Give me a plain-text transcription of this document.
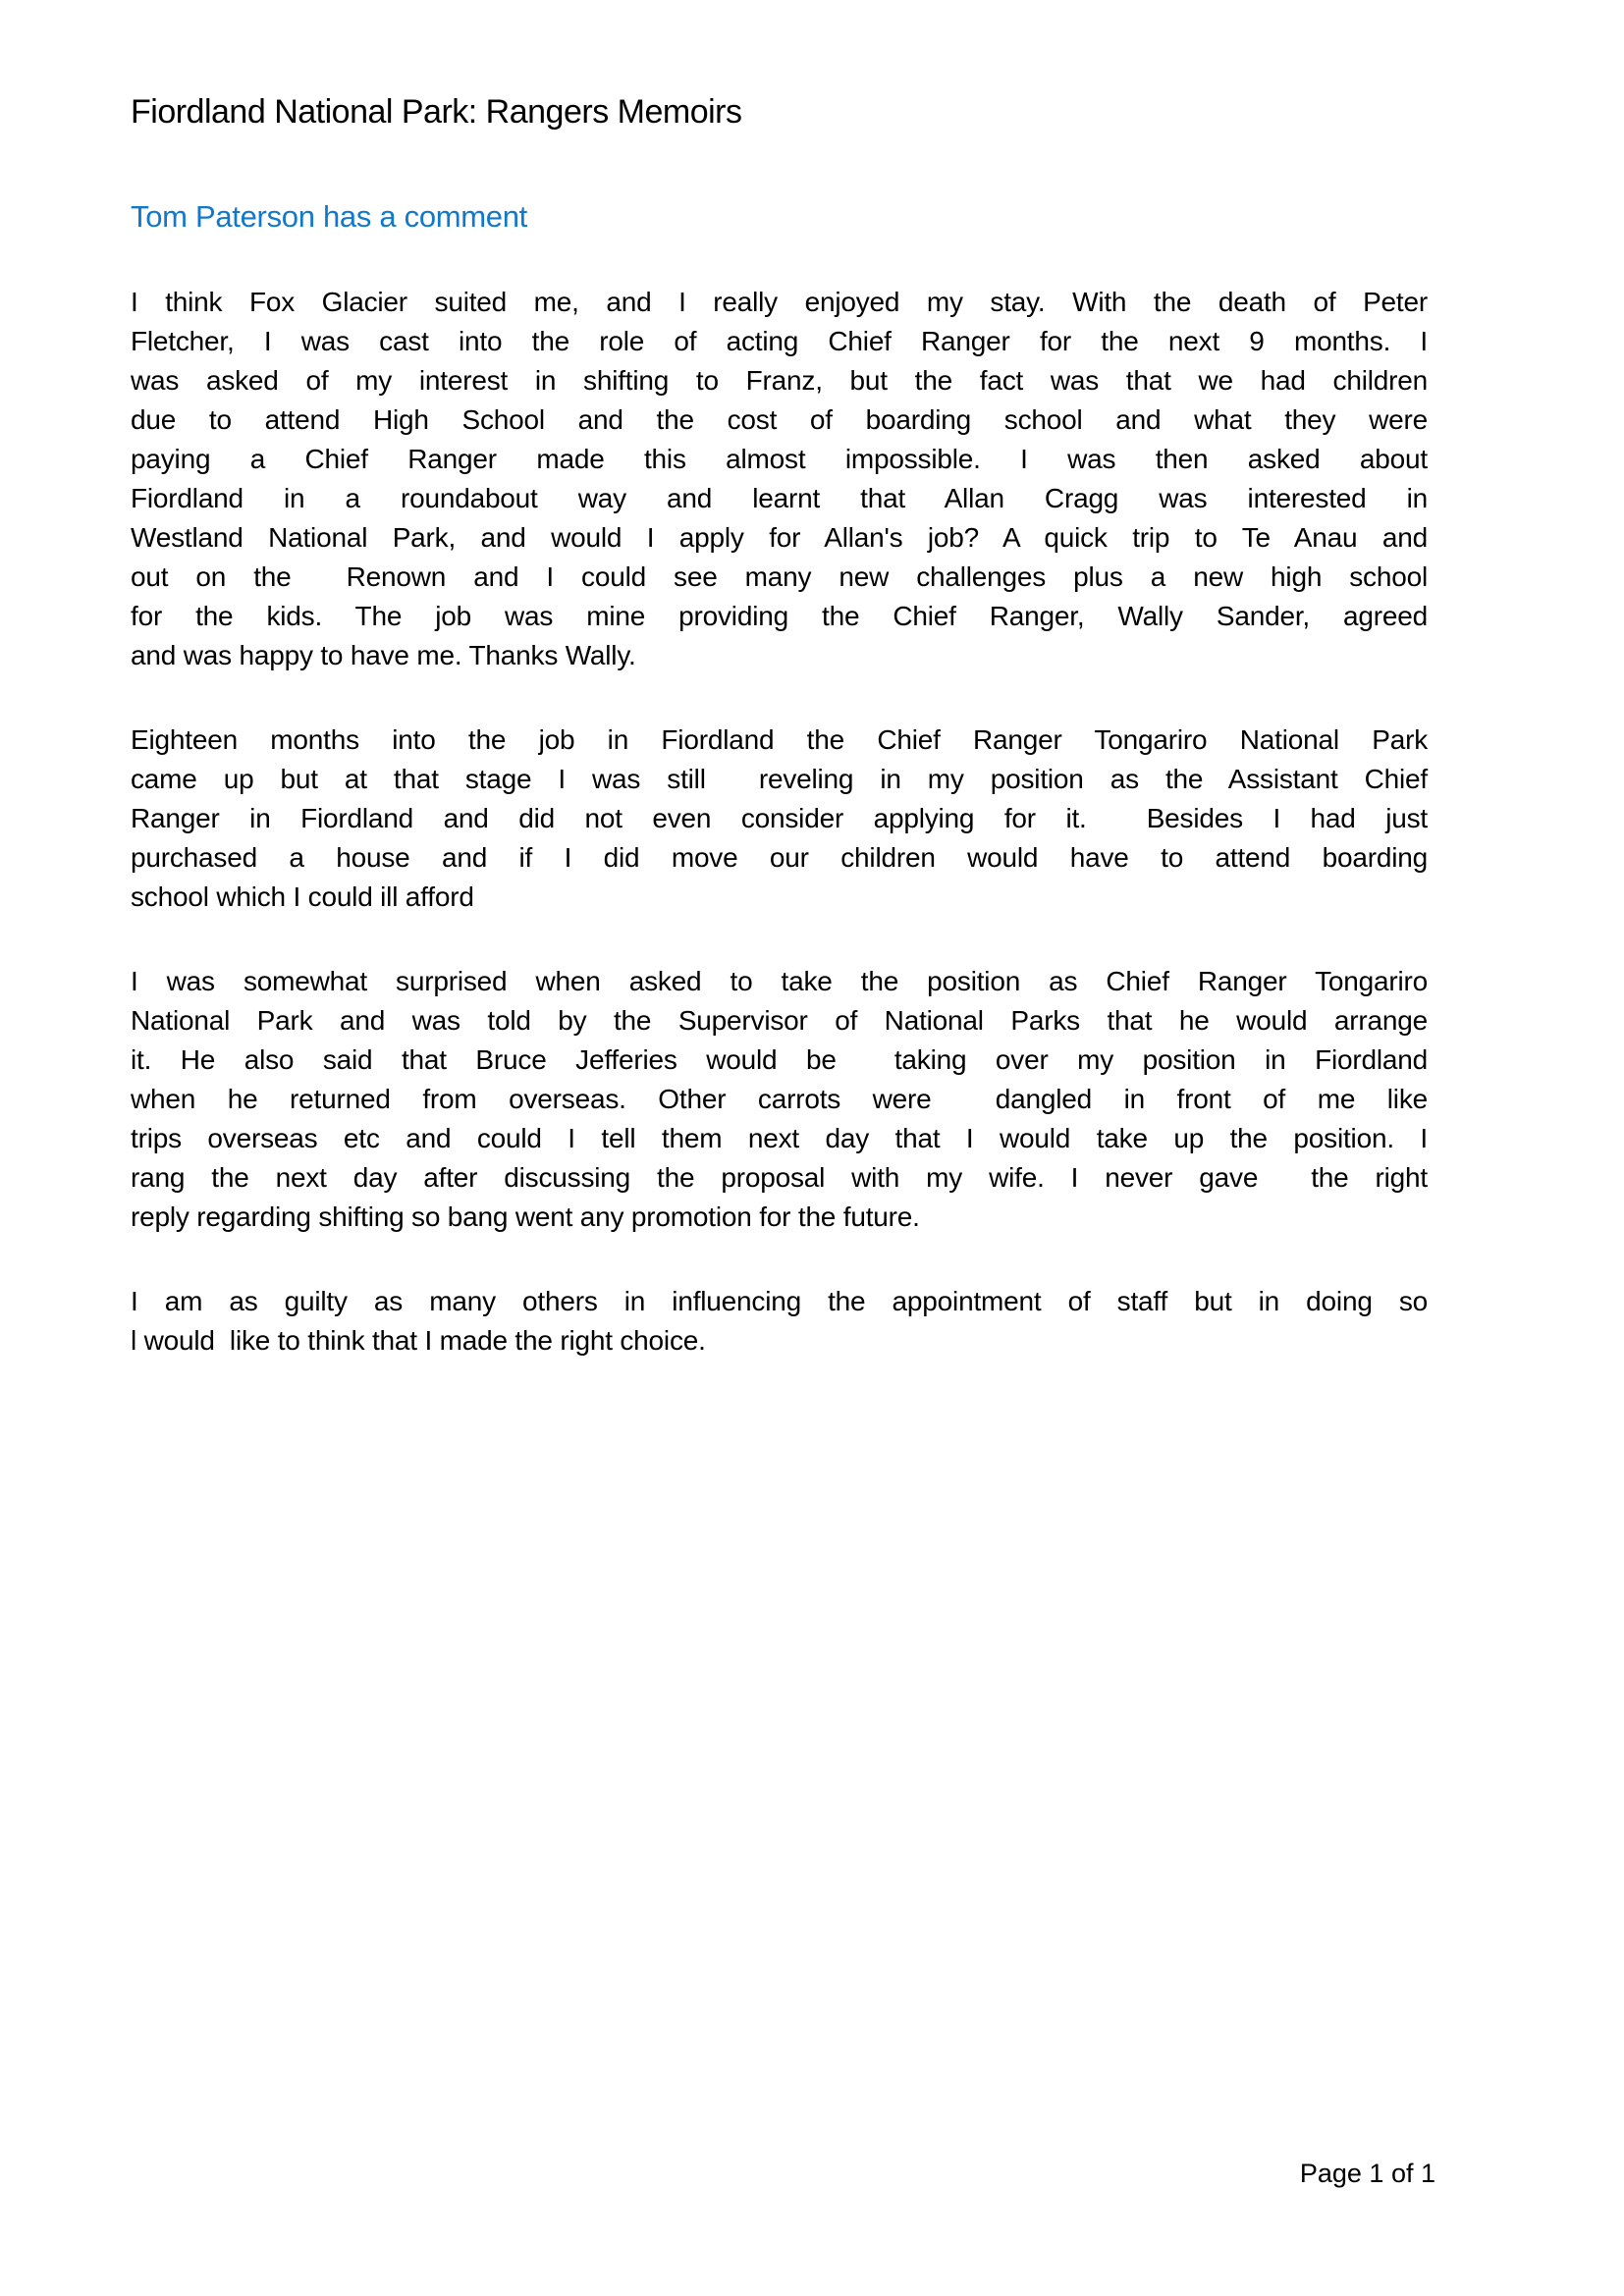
Fiordland National Park: Rangers Memoirs
Tom Paterson has a comment
I think Fox Glacier suited me, and I really enjoyed my stay. With the death of Peter
Fletcher, I was cast into the role of acting Chief Ranger for the next 9 months. I
was asked of my interest in shifting to Franz, but the fact was that we had children
due to attend High School and the cost of boarding school and what they were
paying a Chief Ranger made this almost impossible. I was then asked about
Fiordland in a roundabout way and learnt that Allan Cragg was interested in
Westland National Park, and would I apply for Allan's job? A quick trip to Te Anau and
out on the  Renown and I could see many new challenges plus a new high school
for the kids. The job was mine providing the Chief Ranger, Wally Sander, agreed
and was happy to have me. Thanks Wally.
Eighteen months into the job in Fiordland the Chief Ranger Tongariro National Park
came up but at that stage I was still  reveling in my position as the Assistant Chief
Ranger in Fiordland and did not even consider applying for it.  Besides I had just
purchased a house and if I did move our children would have to attend boarding
school which I could ill afford
I was somewhat surprised when asked to take the position as Chief Ranger Tongariro
National Park and was told by the Supervisor of National Parks that he would arrange
it. He also said that Bruce Jefferies would be  taking over my position in Fiordland
when he returned from overseas. Other carrots were  dangled in front of me like
trips overseas etc and could I tell them next day that I would take up the position. I
rang the next day after discussing the proposal with my wife. I never gave  the right
reply regarding shifting so bang went any promotion for the future.
I am as guilty as many others in influencing the appointment of staff but in doing so
l would  like to think that I made the right choice.
Page 1 of 1
